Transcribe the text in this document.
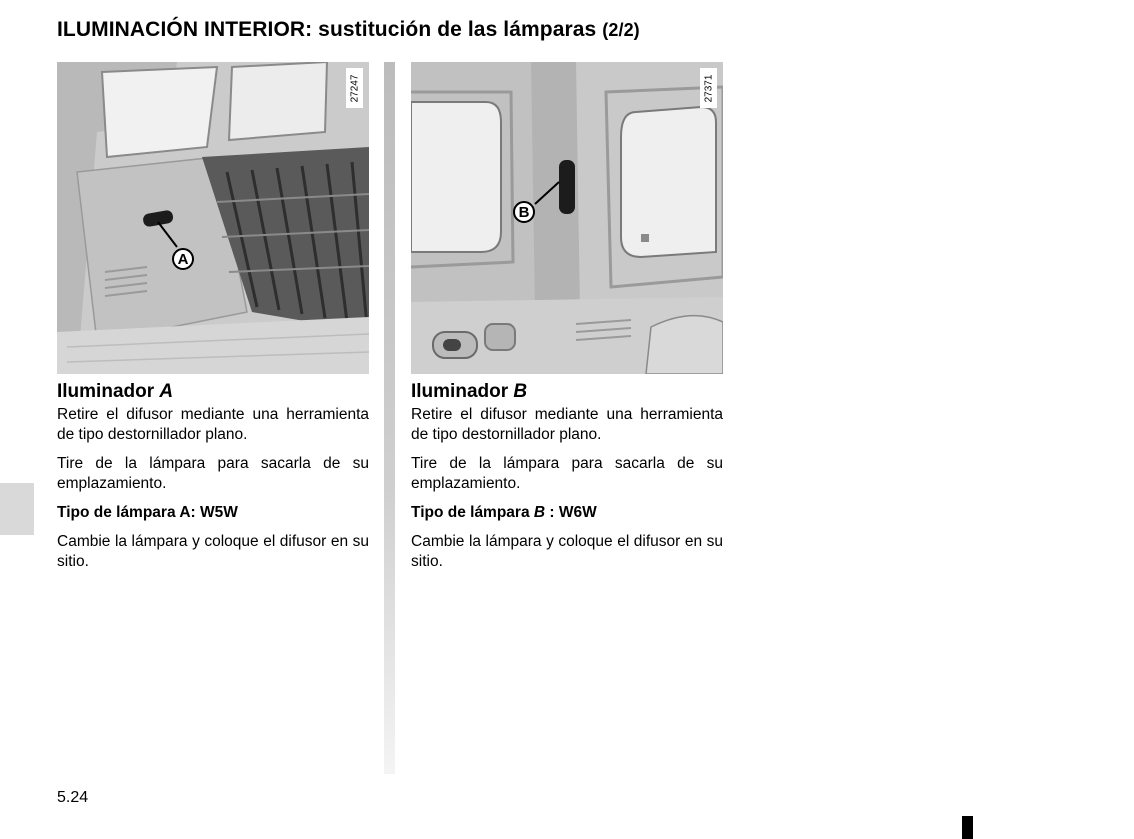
ILUMINACIÓN INTERIOR: sustitución de las lámparas (2/2)
A
27247
B
27371
Iluminador A

Retire el difusor mediante una herramienta de tipo destornillador plano.

Tire de la lámpara para sacarla de su emplazamiento.

Tipo de lámpara A: W5W

Cambie la lámpara y coloque el difusor en su sitio.

Iluminador B

Retire el difusor mediante una herramienta de tipo destornillador plano.

Tire de la lámpara para sacarla de su emplazamiento.

Tipo de lámpara B : W6W

Cambie la lámpara y coloque el difusor en su sitio.

5.24
